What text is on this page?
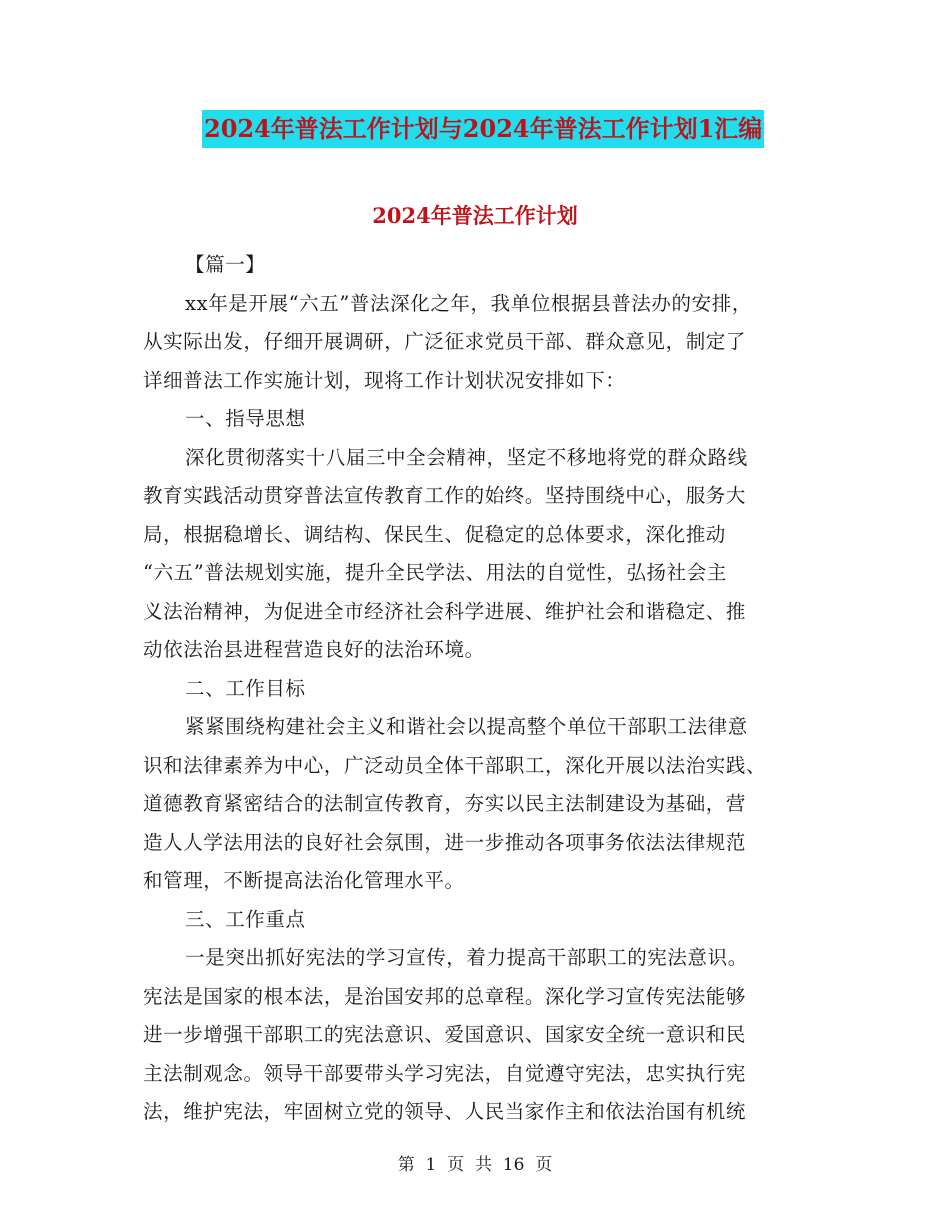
2024年普法工作计划与2024年普法工作计划1汇编
2024年普法工作计划
【篇一】
xx年是开展“六五”普法深化之年，我单位根据县普法办的安排，
从实际出发，仔细开展调研，广泛征求党员干部、群众意见，制定了
详细普法工作实施计划，现将工作计划状况安排如下：
一、指导思想
深化贯彻落实十八届三中全会精神，坚定不移地将党的群众路线
教育实践活动贯穿普法宣传教育工作的始终。坚持围绕中心，服务大
局，根据稳增长、调结构、保民生、促稳定的总体要求，深化推动
“六五”普法规划实施，提升全民学法、用法的自觉性，弘扬社会主
义法治精神，为促进全市经济社会科学进展、维护社会和谐稳定、推
动依法治县进程营造良好的法治环境。
二、工作目标
紧紧围绕构建社会主义和谐社会以提高整个单位干部职工法律意
识和法律素养为中心，广泛动员全体干部职工，深化开展以法治实践、
道德教育紧密结合的法制宣传教育，夯实以民主法制建设为基础，营
造人人学法用法的良好社会氛围，进一步推动各项事务依法法律规范
和管理，不断提高法治化管理水平。
三、工作重点
一是突出抓好宪法的学习宣传，着力提高干部职工的宪法意识。
宪法是国家的根本法，是治国安邦的总章程。深化学习宣传宪法能够
进一步增强干部职工的宪法意识、爱国意识、国家安全统一意识和民
主法制观念。领导干部要带头学习宪法，自觉遵守宪法，忠实执行宪
法，维护宪法，牢固树立党的领导、人民当家作主和依法治国有机统
第  1  页  共  16  页
